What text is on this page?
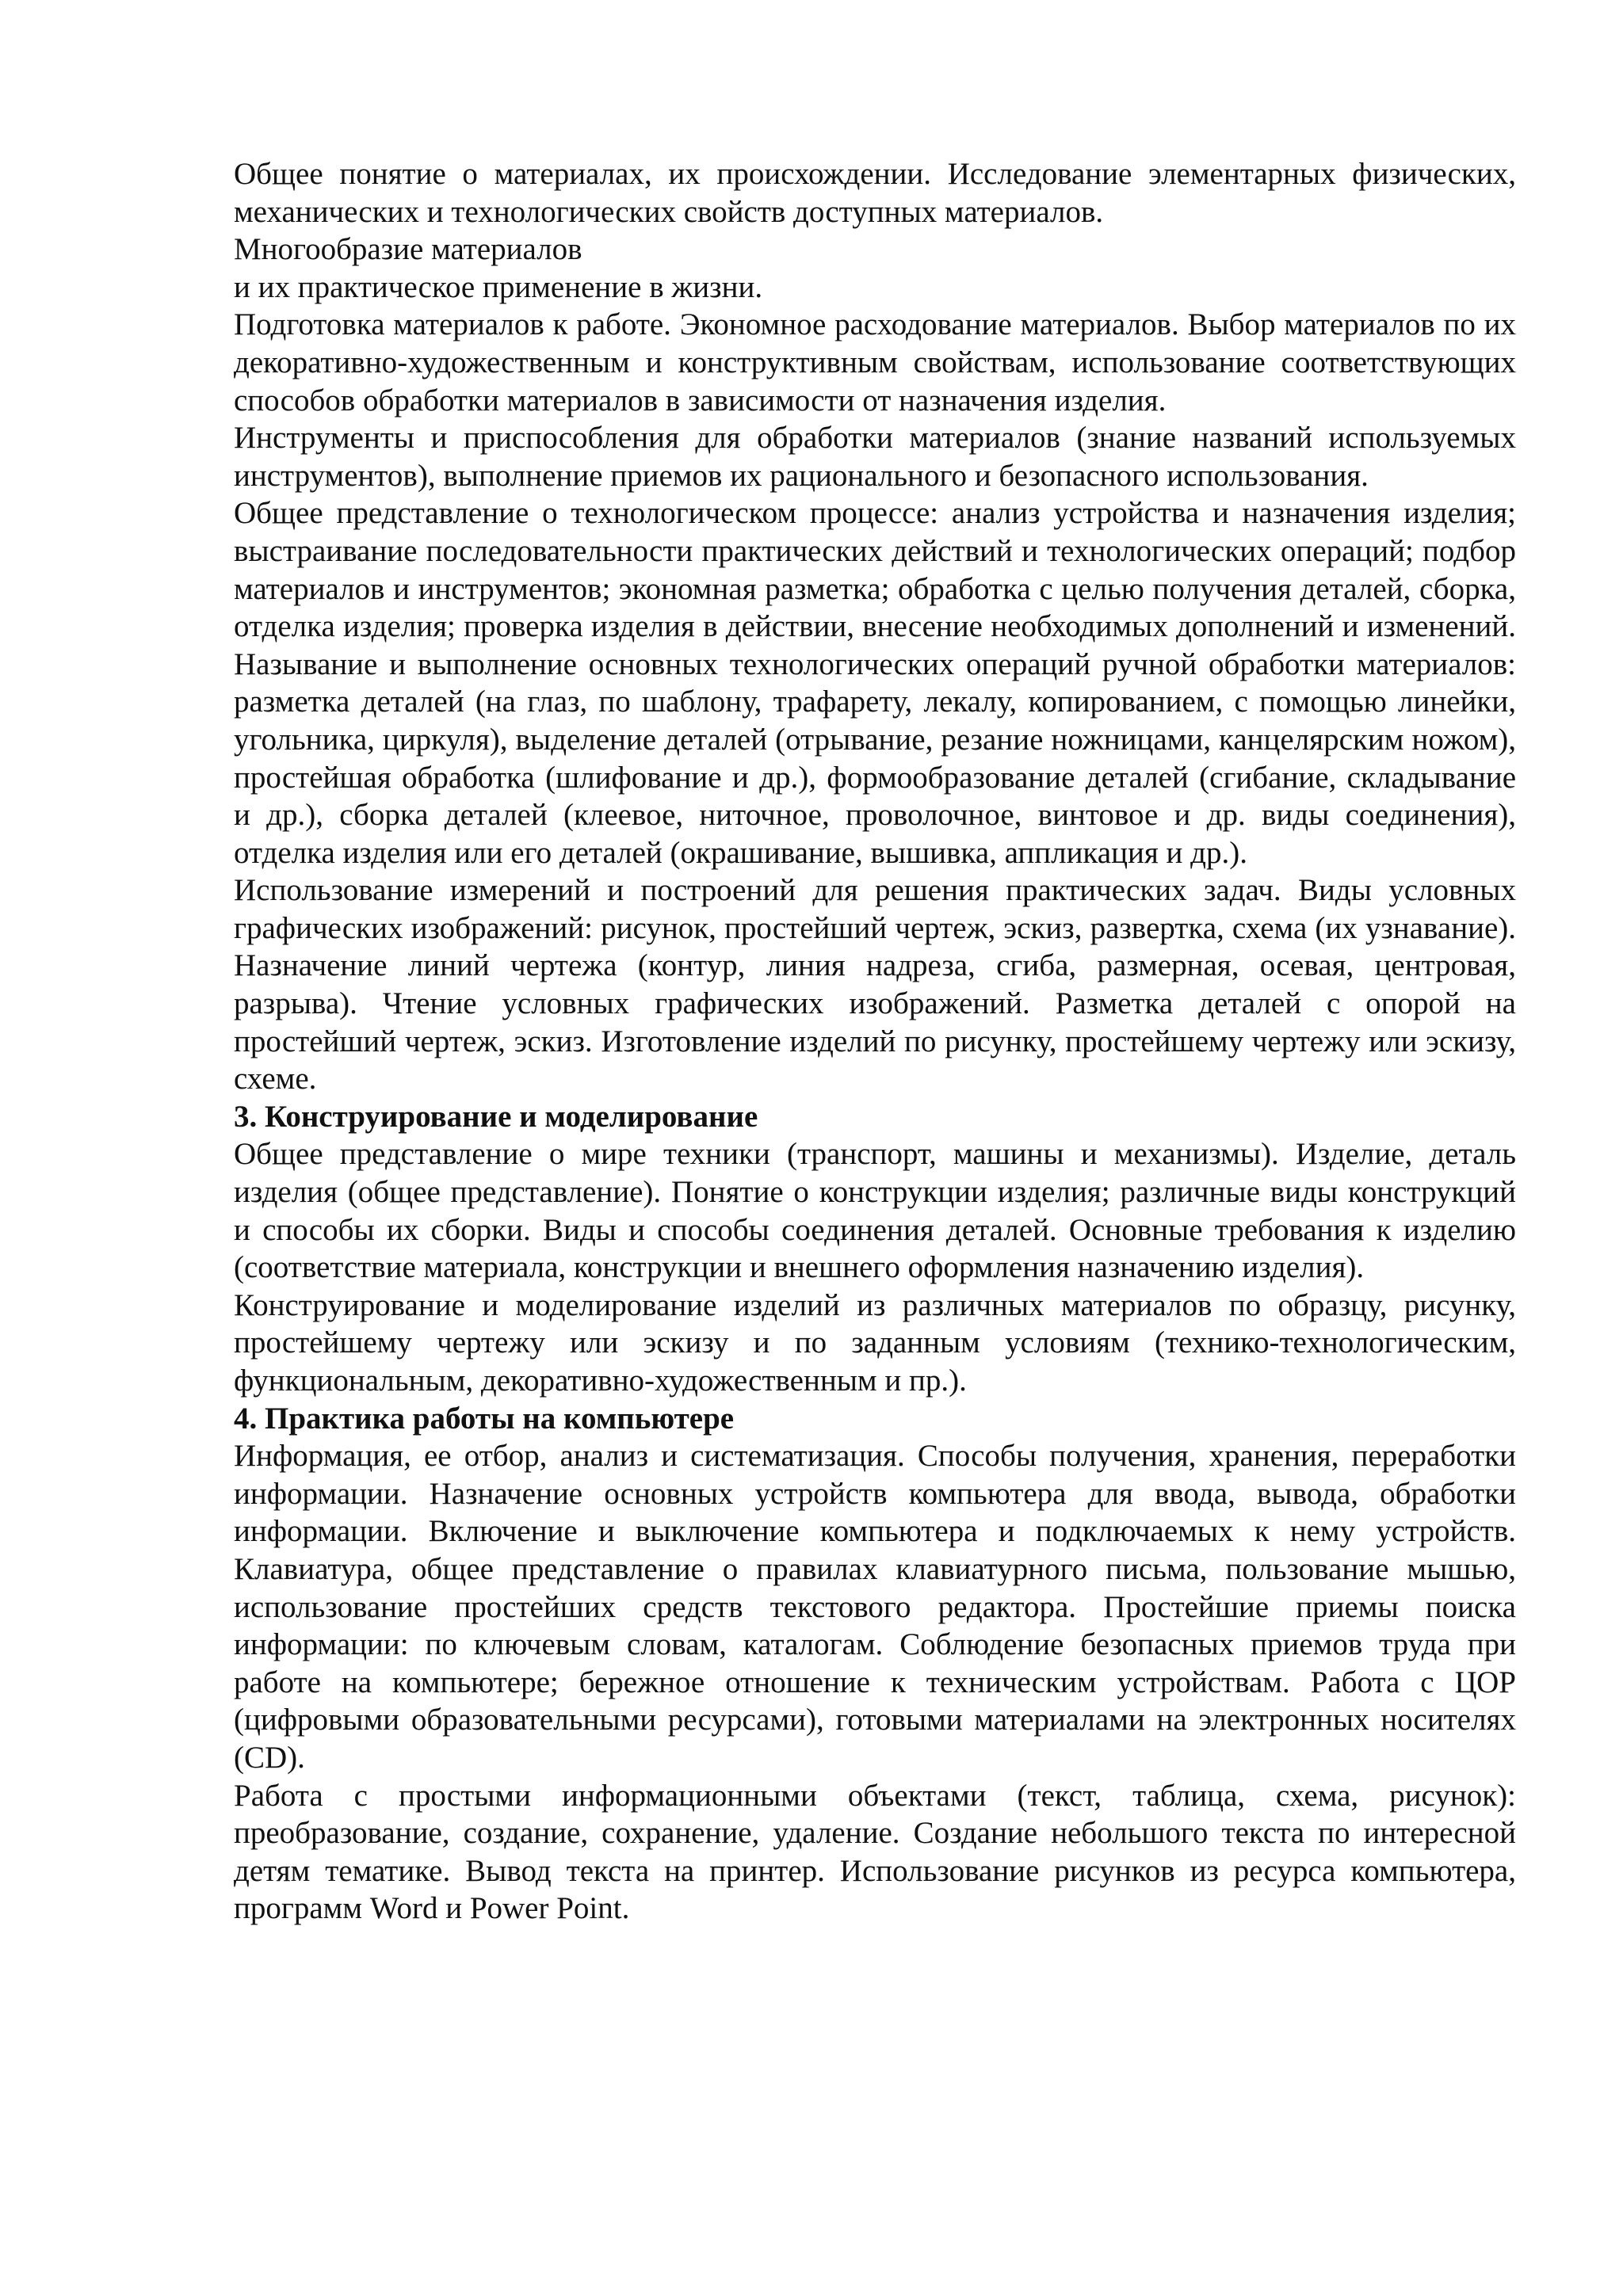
Общее понятие о материалах, их происхождении. Исследование элементарных физических, механических и технологических свойств доступных материалов.

Многообразие материалов

и их практическое применение в жизни.

Подготовка материалов к работе. Экономное расходование материалов. Выбор материалов по их декоративно-художественным и конструктивным свойствам, использование соответствующих способов обработки материалов в зависимости от назначения изделия.

Инструменты и приспособления для обработки материалов (знание названий используемых инструментов), выполнение приемов их рационального и безопасного использования.

Общее представление о технологическом процессе: анализ устройства и назначения изделия; выстраивание последовательности практических действий и технологических операций; подбор материалов и инструментов; экономная разметка; обработка с целью получения деталей, сборка, отделка изделия; проверка изделия в действии, внесение необходимых дополнений и изменений. Называние и выполнение основных технологических операций ручной обработки материалов: разметка деталей (на глаз, по шаблону, трафарету, лекалу, копированием, с помощью линейки, угольника, циркуля), выделение деталей (отрывание, резание ножницами, канцелярским ножом), простейшая обработка (шлифование и др.), формообразование деталей (сгибание, складывание и др.), сборка деталей (клеевое, ниточное, проволочное, винтовое и др. виды соединения), отделка изделия или его деталей (окрашивание, вышивка, аппликация и др.).

Использование измерений и построений для решения практических задач. Виды условных графических изображений: рисунок, простейший чертеж, эскиз, развертка, схема (их узнавание). Назначение линий чертежа (контур, линия надреза, сгиба, размерная, осевая, центровая, разрыва). Чтение условных графических изображений. Разметка деталей с опорой на простейший чертеж, эскиз. Изготовление изделий по рисунку, простейшему чертежу или эскизу, схеме.

3. Конструирование и моделирование

Общее представление о мире техники (транспорт, машины и механизмы). Изделие, деталь изделия (общее представление). Понятие о конструкции изделия; различные виды конструкций и способы их сборки. Виды и способы соединения деталей. Основные требования к изделию (соответствие материала, конструкции и внешнего оформления назначению изделия).

Конструирование и моделирование изделий из различных материалов по образцу, рисунку, простейшему чертежу или эскизу и по заданным условиям (технико-технологическим, функциональным, декоративно-художественным и пр.).

4. Практика работы на компьютере

Информация, ее отбор, анализ и систематизация. Способы получения, хранения, переработки информации. Назначение основных устройств компьютера для ввода, вывода, обработки информации. Включение и выключение компьютера и подключаемых к нему устройств. Клавиатура, общее представление о правилах клавиатурного письма, пользование мышью, использование простейших средств текстового редактора. Простейшие приемы поиска информации: по ключевым словам, каталогам. Соблюдение безопасных приемов труда при работе на компьютере; бережное отношение к техническим устройствам. Работа с ЦОР (цифровыми образовательными ресурсами), готовыми материалами на электронных носителях (CD).

Работа с простыми информационными объектами (текст, таблица, схема, рисунок): преобразование, создание, сохранение, удаление. Создание небольшого текста по интересной детям тематике. Вывод текста на принтер. Использование рисунков из ресурса компьютера, программ Word и Power Point.
